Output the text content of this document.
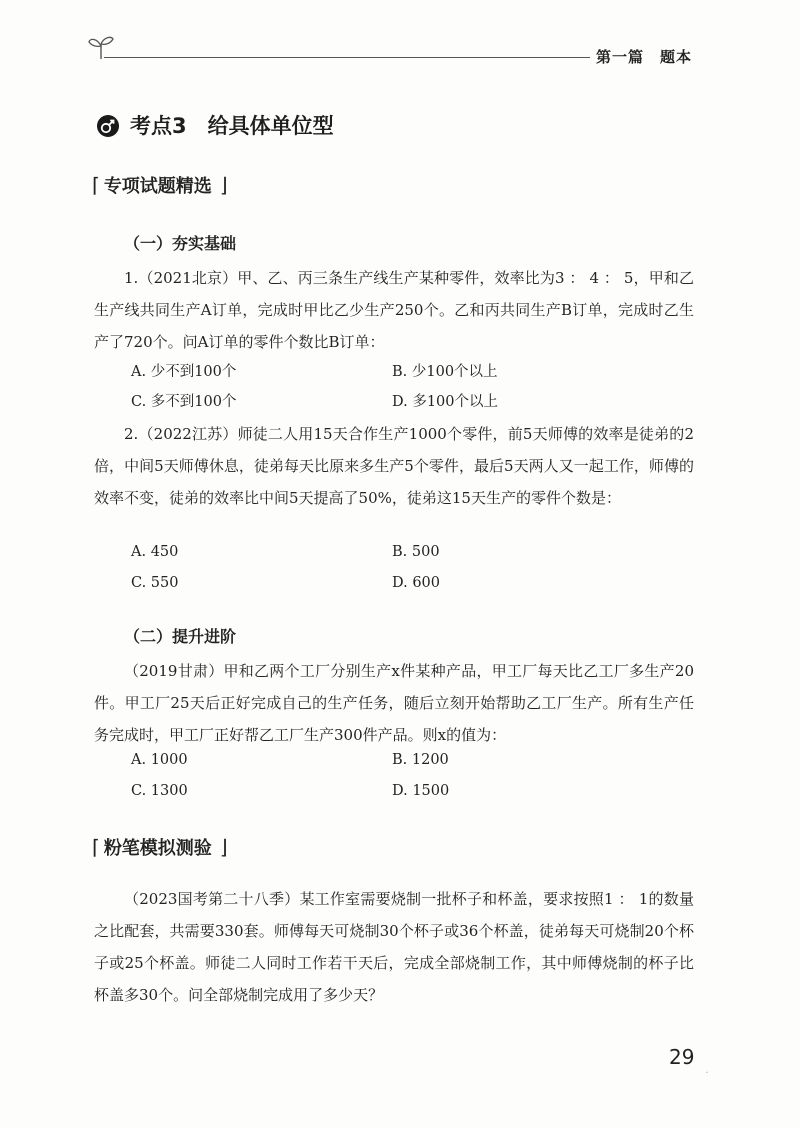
第一篇　题本
考点3　给具体单位型
⌈ 专项试题精选 ⌋
（一）夯实基础
1.（2021北京）甲、乙、丙三条生产线生产某种零件，效率比为3 ： 4 ： 5，甲和乙生产线共同生产A订单，完成时甲比乙少生产250个。乙和丙共同生产B订单，完成时乙生产了720个。问A订单的零件个数比B订单：
A. 少不到100个	B. 少100个以上
C. 多不到100个	D. 多100个以上
2.（2022江苏）师徒二人用15天合作生产1000个零件，前5天师傅的效率是徒弟的2倍，中间5天师傅休息，徒弟每天比原来多生产5个零件，最后5天两人又一起工作，师傅的效率不变，徒弟的效率比中间5天提高了50%，徒弟这15天生产的零件个数是：
A. 450	B. 500
C. 550	D. 600
（二）提升进阶
（2019甘肃）甲和乙两个工厂分别生产x件某种产品，甲工厂每天比乙工厂多生产20件。甲工厂25天后正好完成自己的生产任务，随后立刻开始帮助乙工厂生产。所有生产任务完成时，甲工厂正好帮乙工厂生产300件产品。则x的值为：
A. 1000	B. 1200
C. 1300	D. 1500
⌈ 粉笔模拟测验 ⌋
（2023国考第二十八季）某工作室需要烧制一批杯子和杯盖，要求按照1 ： 1的数量之比配套，共需要330套。师傅每天可烧制30个杯子或36个杯盖，徒弟每天可烧制20个杯子或25个杯盖。师徒二人同时工作若干天后，完成全部烧制工作，其中师傅烧制的杯子比杯盖多30个。问全部烧制完成用了多少天？
29
˙
